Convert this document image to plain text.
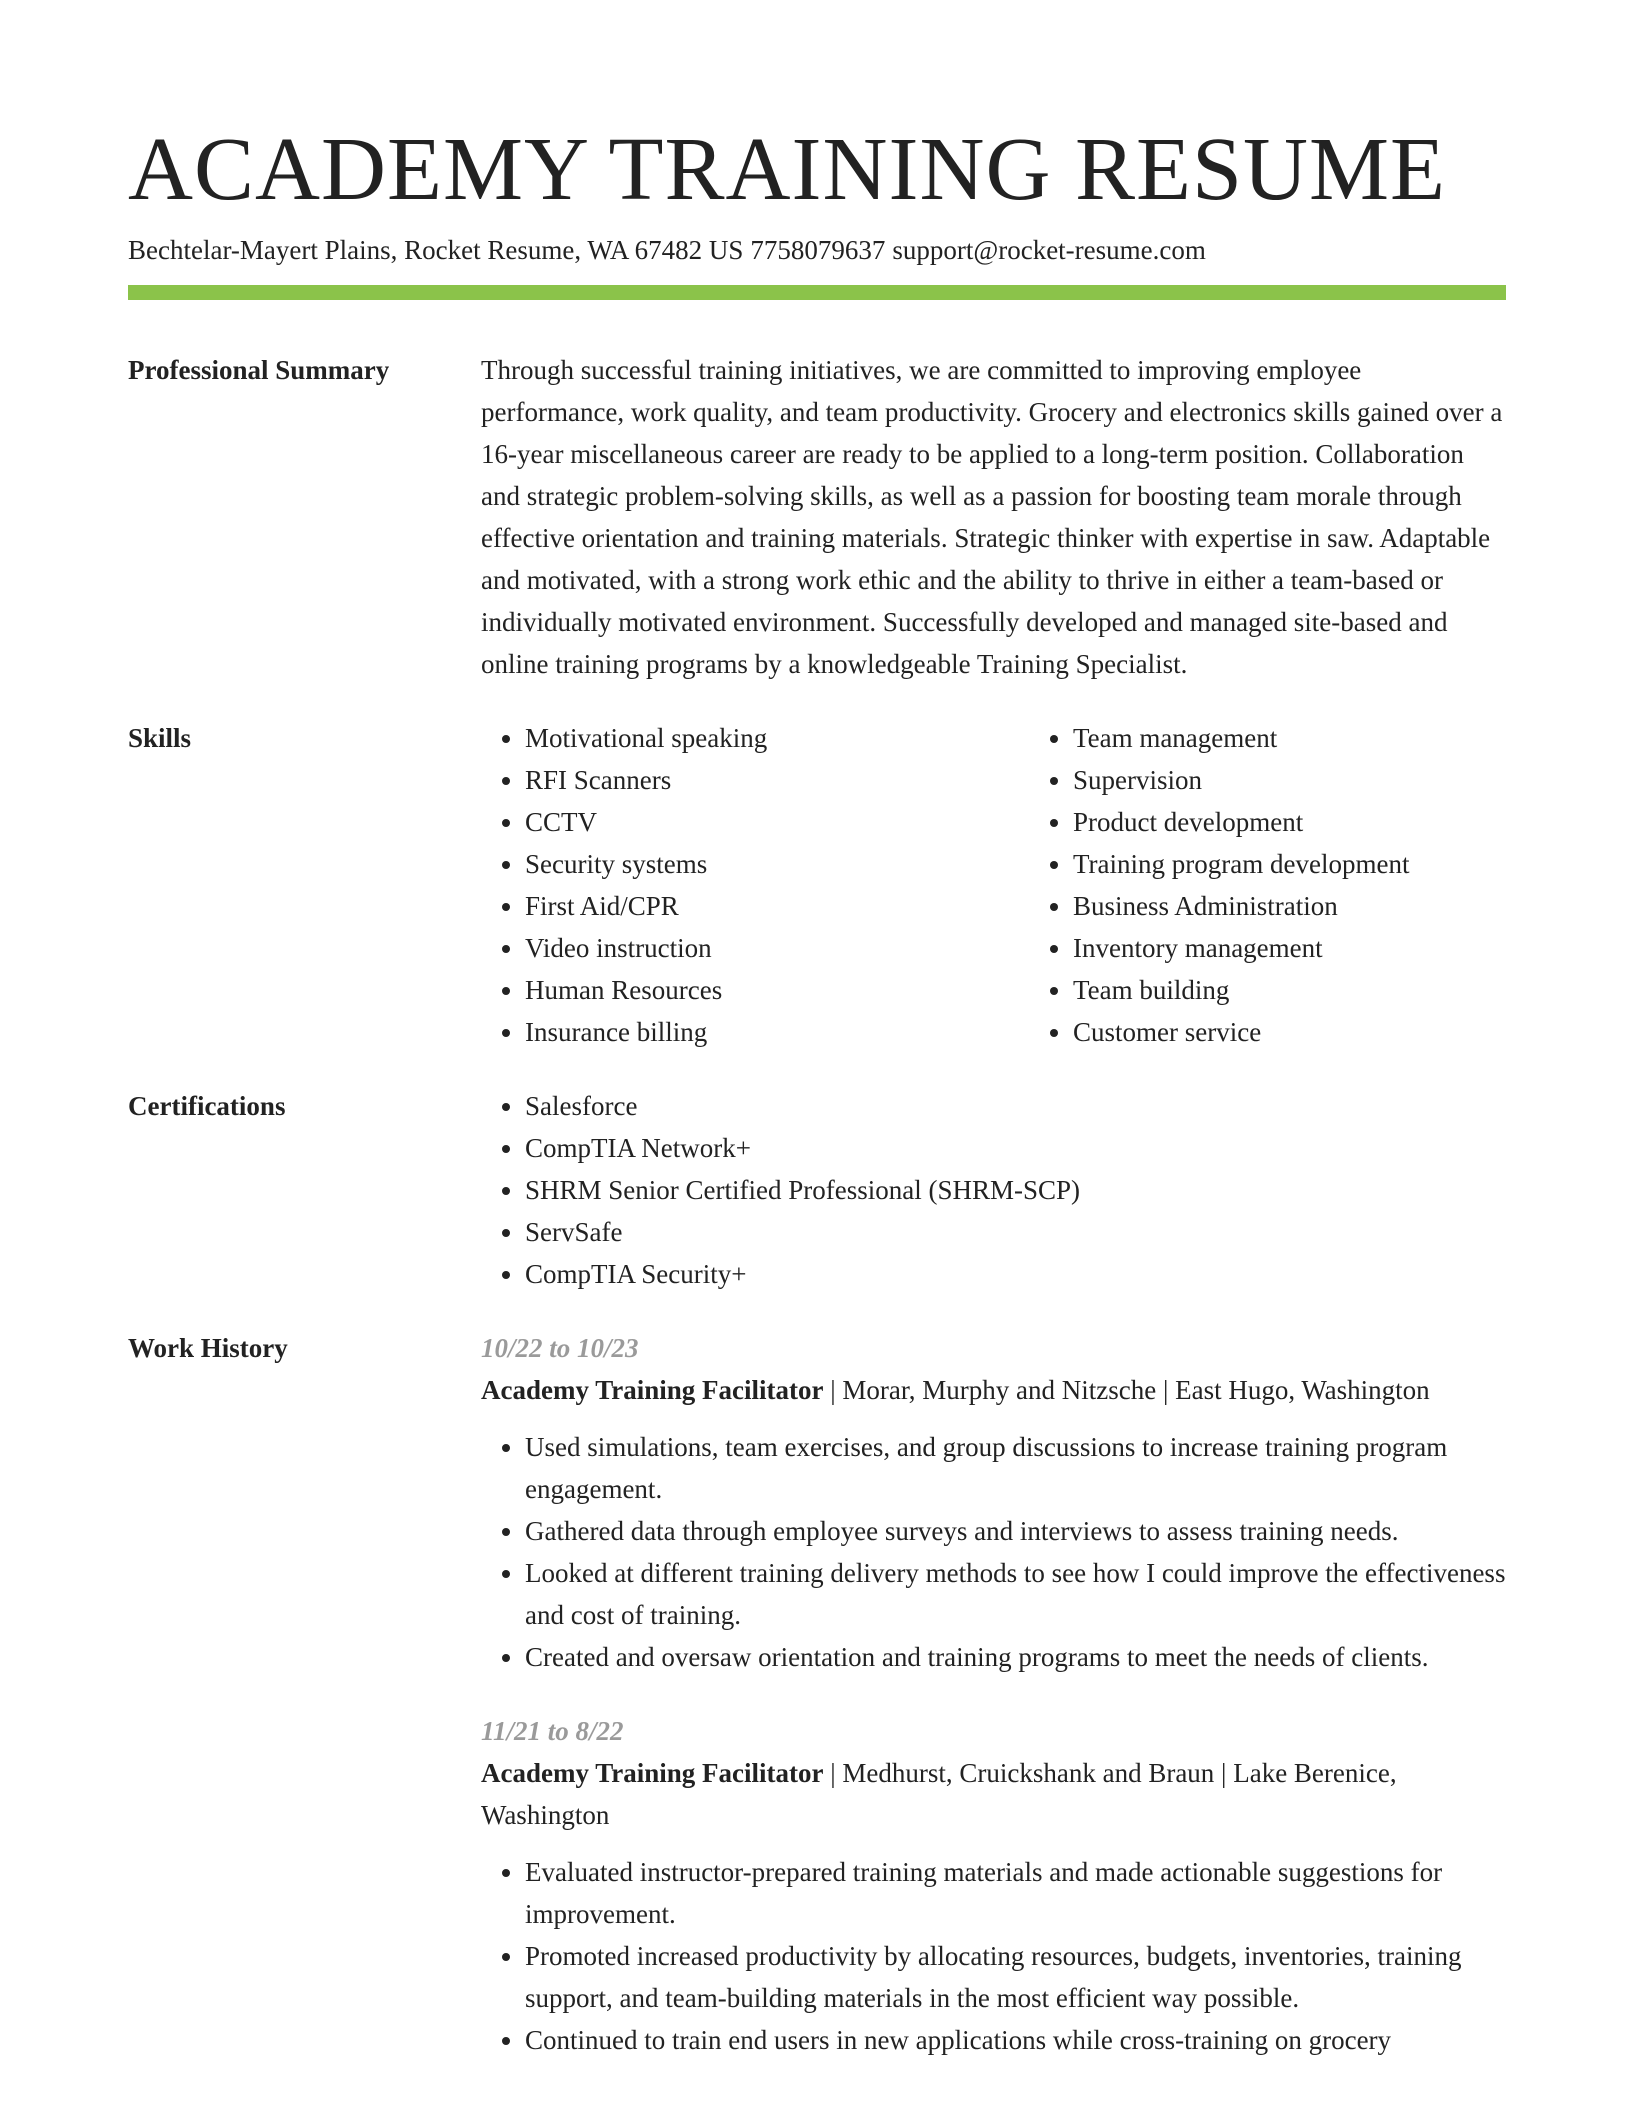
ACADEMY TRAINING RESUME
Bechtelar-Mayert Plains, Rocket Resume, WA 67482 US 7758079637 support@rocket-resume.com
Professional Summary	Through successful training initiatives, we are committed to improving employee performance, work quality, and team productivity. Grocery and electronics skills gained over a 16-year miscellaneous career are ready to be applied to a long-term position. Collaboration and strategic problem-solving skills, as well as a passion for boosting team morale through effective orientation and training materials. Strategic thinker with expertise in saw. Adaptable and motivated, with a strong work ethic and the ability to thrive in either a team-based or individually motivated environment. Successfully developed and managed site-based and online training programs by a knowledgeable Training Specialist.
Skills	• Motivational speaking
• RFI Scanners
• CCTV
• Security systems
• First Aid/CPR
• Video instruction
• Human Resources
• Insurance billing
• Team management
• Supervision
• Product development
• Training program development
• Business Administration
• Inventory management
• Team building
• Customer service
Certifications	• Salesforce
• CompTIA Network+
• SHRM Senior Certified Professional (SHRM-SCP)
• ServSafe
• CompTIA Security+
Work History	10/22 to 10/23
Academy Training Facilitator | Morar, Murphy and Nitzsche | East Hugo, Washington
• Used simulations, team exercises, and group discussions to increase training program engagement.
• Gathered data through employee surveys and interviews to assess training needs.
• Looked at different training delivery methods to see how I could improve the effectiveness and cost of training.
• Created and oversaw orientation and training programs to meet the needs of clients.
11/21 to 8/22
Academy Training Facilitator | Medhurst, Cruickshank and Braun | Lake Berenice, Washington
• Evaluated instructor-prepared training materials and made actionable suggestions for improvement.
• Promoted increased productivity by allocating resources, budgets, inventories, training support, and team-building materials in the most efficient way possible.
• Continued to train end users in new applications while cross-training on grocery
